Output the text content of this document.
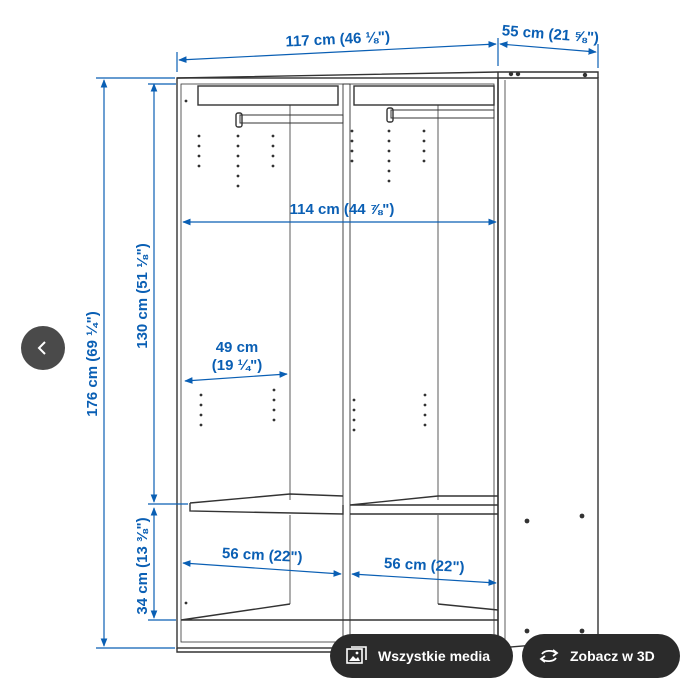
117 cm (46 ⅛")	55 cm (21 ⅝")
114 cm (44 ⅞")
49 cm
(19 ¼")
56 cm (22")	56 cm (22")
176 cm (69 ¼")
130 cm (51 ⅛")
34 cm (13 ⅜")
Wszystkie media	Zobacz w 3D
